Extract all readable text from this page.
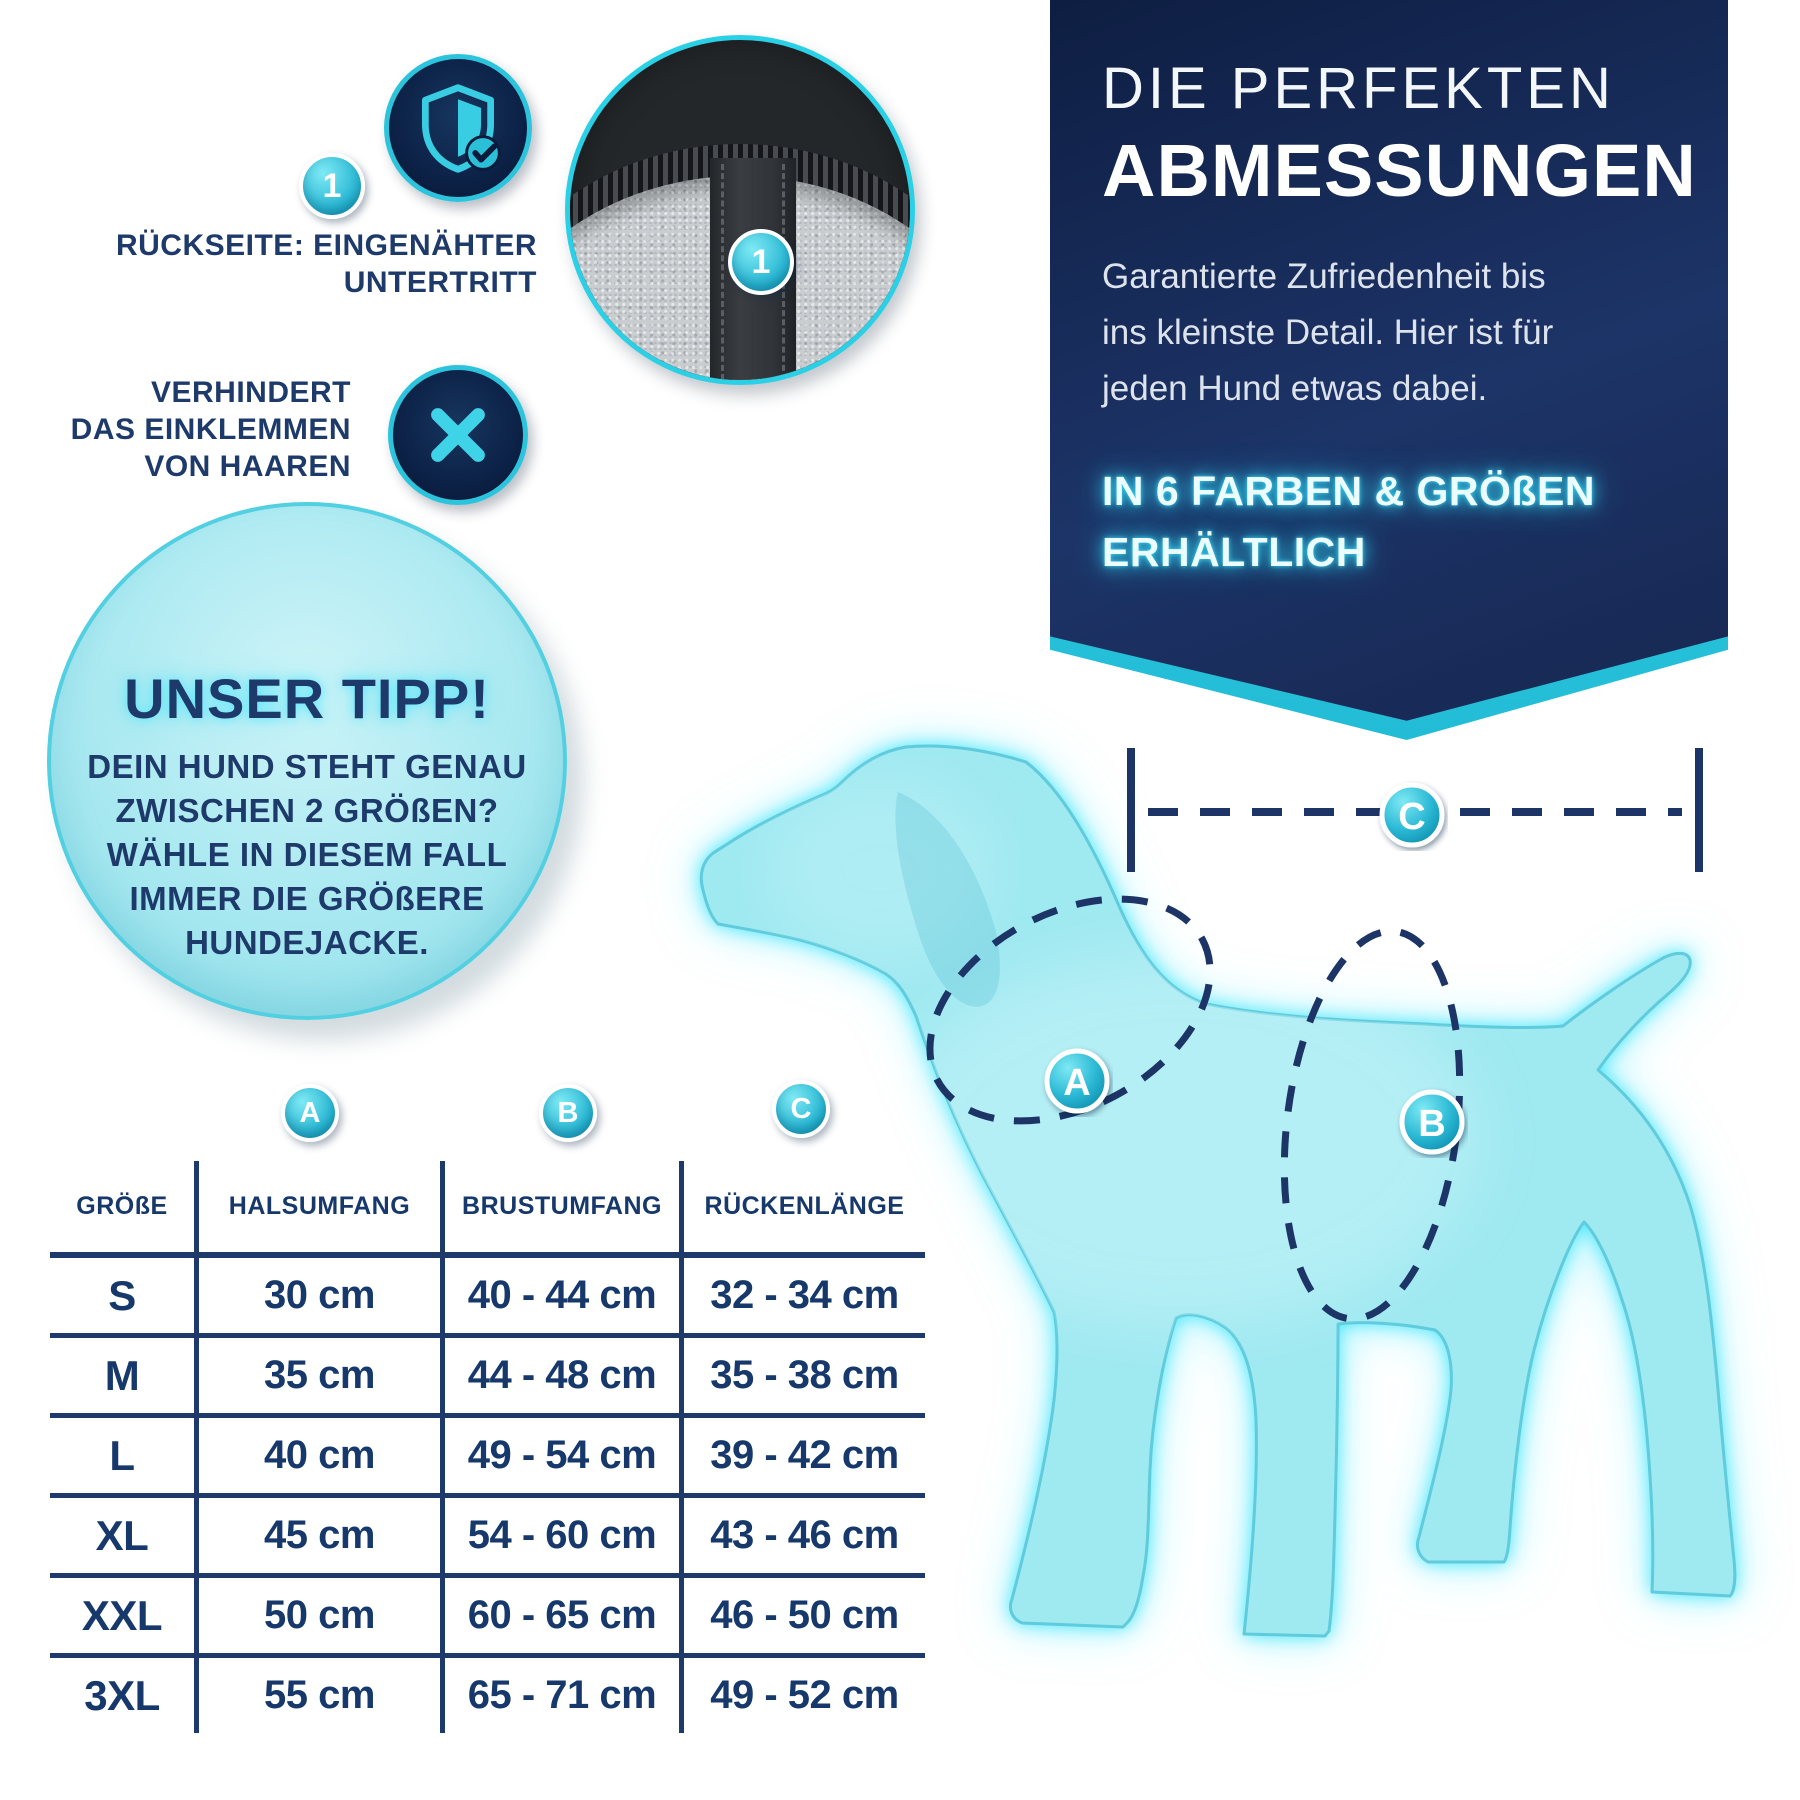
1
RÜCKSEITE: EINGENÄHTER
UNTERTRITT
VERHINDERT
DAS EINKLEMMEN
VON HAAREN
1
DIE PERFEKTEN
ABMESSUNGEN
Garantierte Zufriedenheit bis
ins kleinste Detail. Hier ist für
jeden Hund etwas dabei.
IN 6 FARBEN & GRÖßEN
ERHÄLTLICH
UNSER TIPP!
DEIN HUND STEHT GENAU
ZWISCHEN 2 GRÖßEN?
WÄHLE IN DIESEM FALL
IMMER DIE GRÖßERE
HUNDEJACKE.
A
B
C
A	B	C
GRÖßE	HALSUMFANG	BRUSTUMFANG	RÜCKENLÄNGE
S	30 cm	40 - 44 cm	32 - 34 cm
M	35 cm	44 - 48 cm	35 - 38 cm
L	40 cm	49 - 54 cm	39 - 42 cm
XL	45 cm	54 - 60 cm	43 - 46 cm
XXL	50 cm	60 - 65 cm	46 - 50 cm
3XL	55 cm	65 - 71 cm	49 - 52 cm
